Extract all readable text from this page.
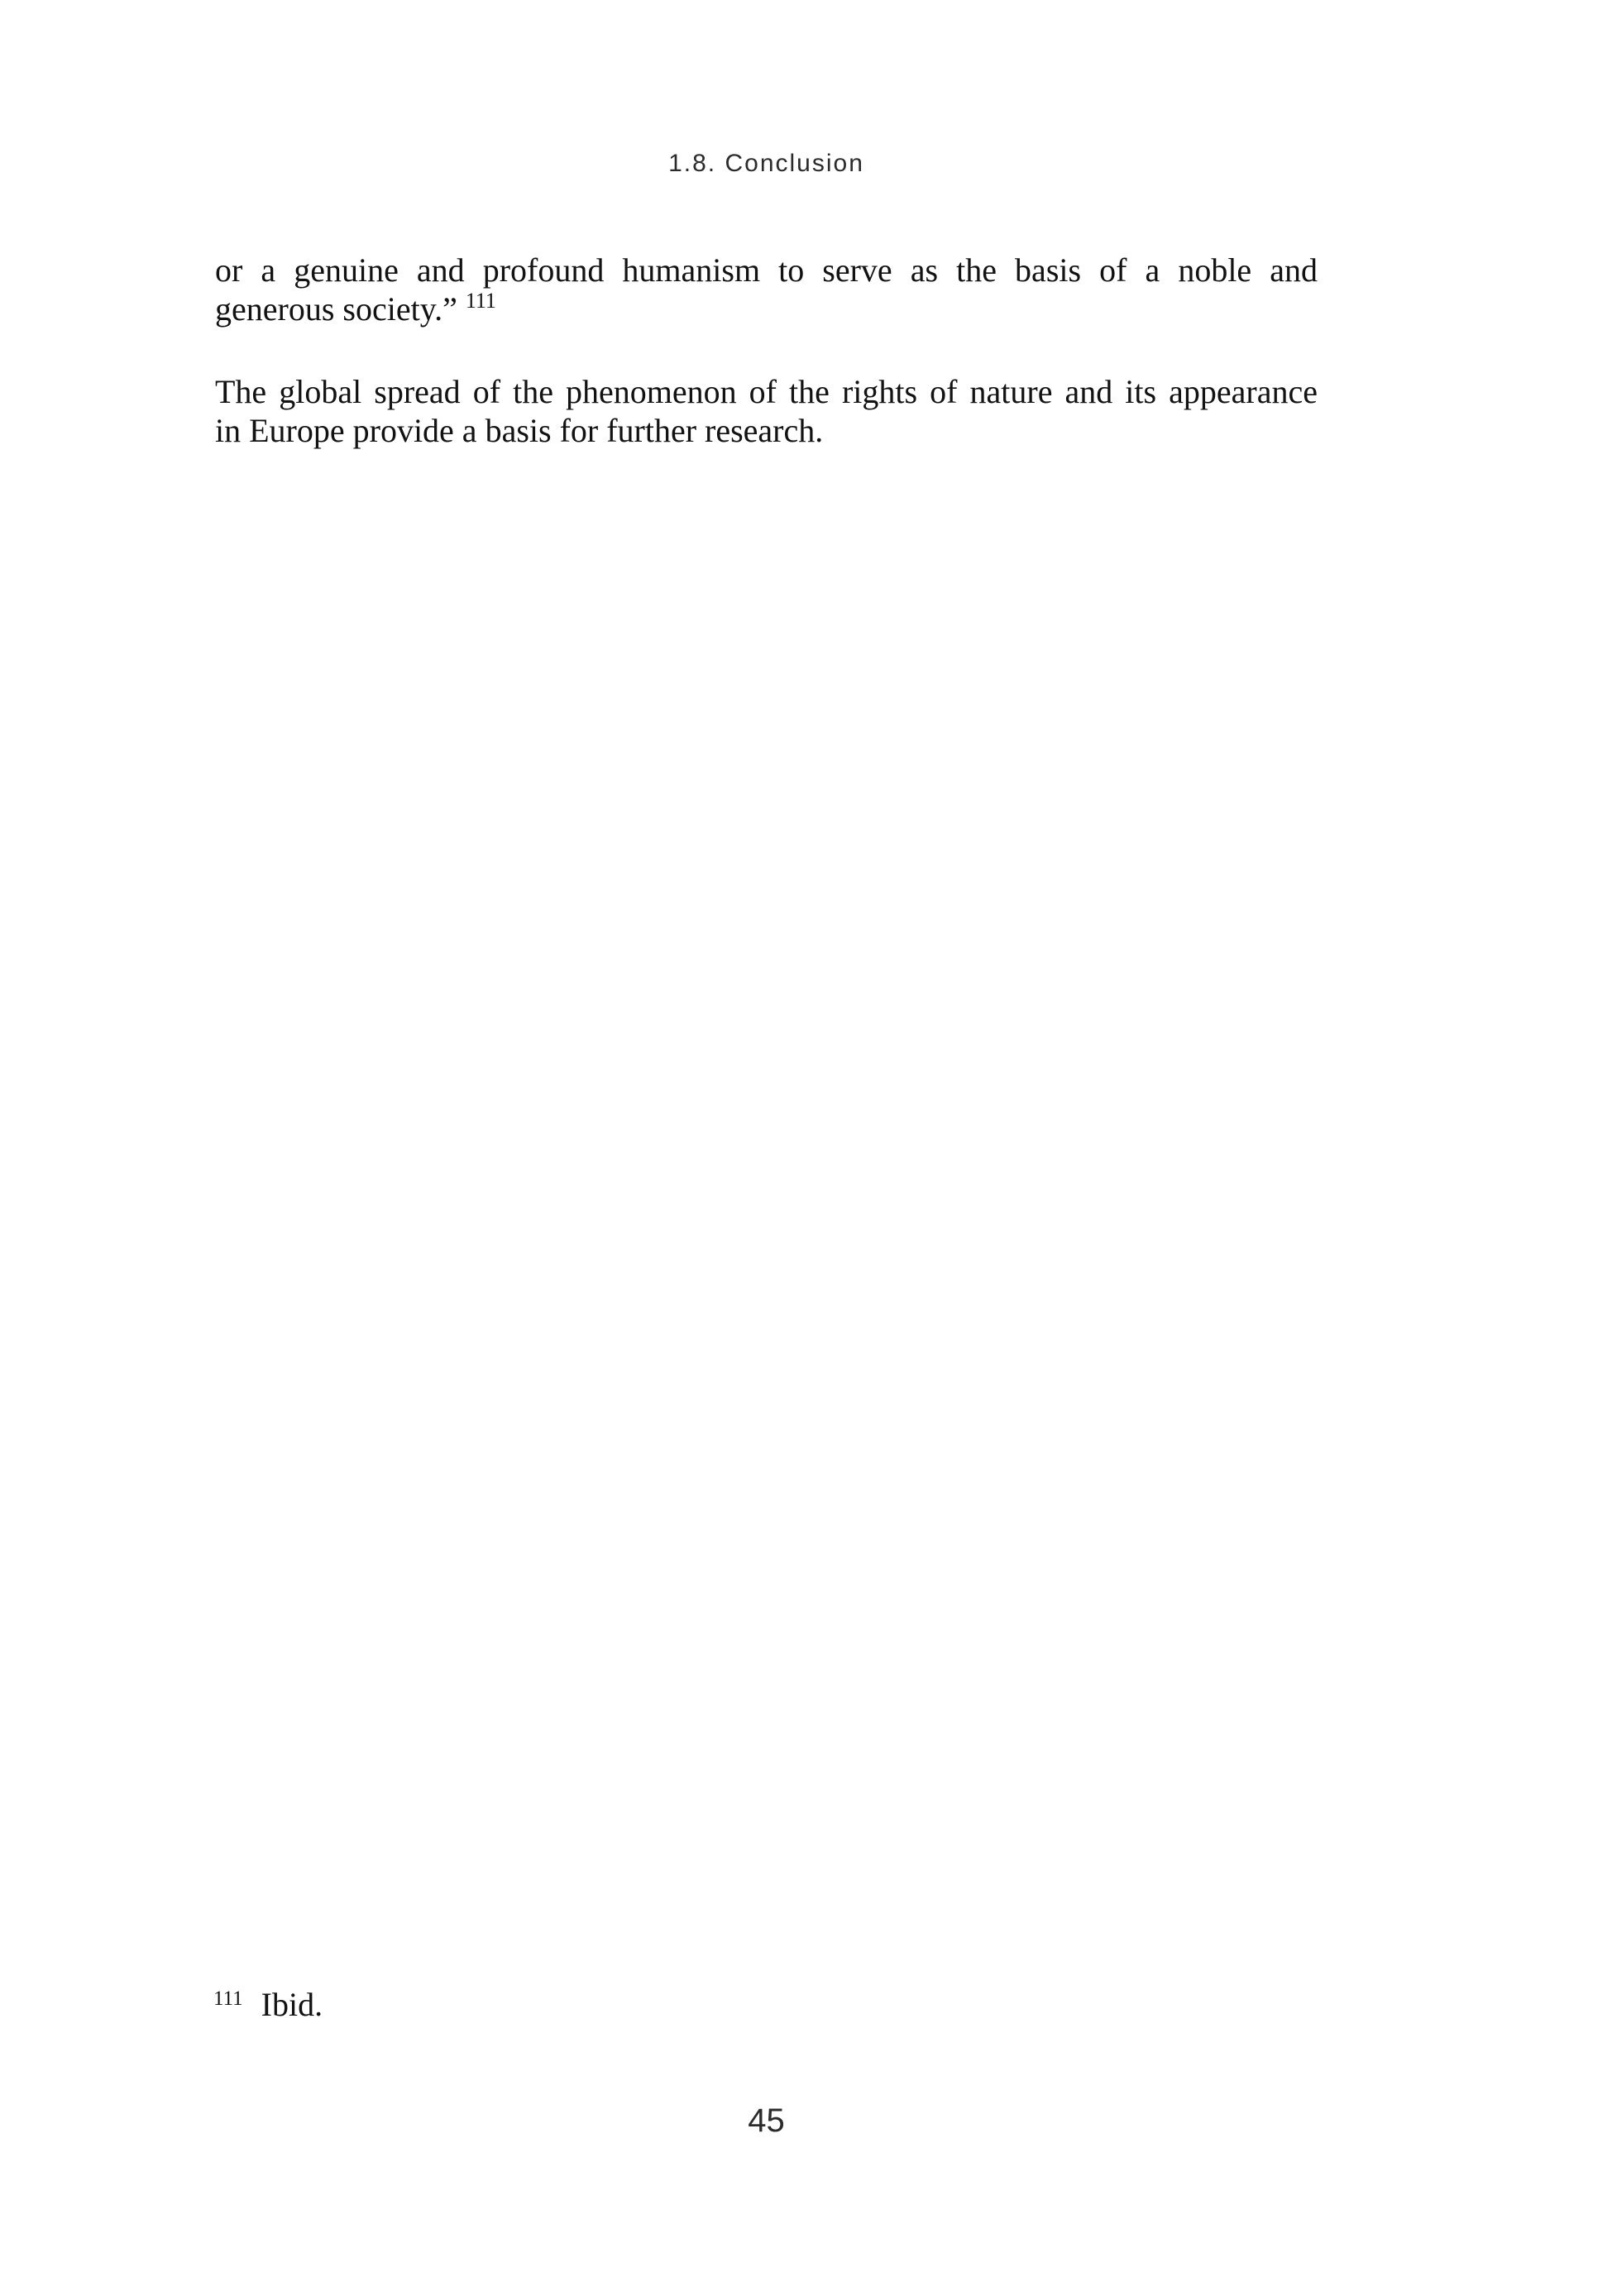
1.8. Conclusion
or a genuine and profound humanism to serve as the basis of a noble and
generous society.” $^{111}$
The global spread of the phenomenon of the rights of nature and its appearance
in Europe provide a basis for further research.
$^{111}$ Ibid.
45
